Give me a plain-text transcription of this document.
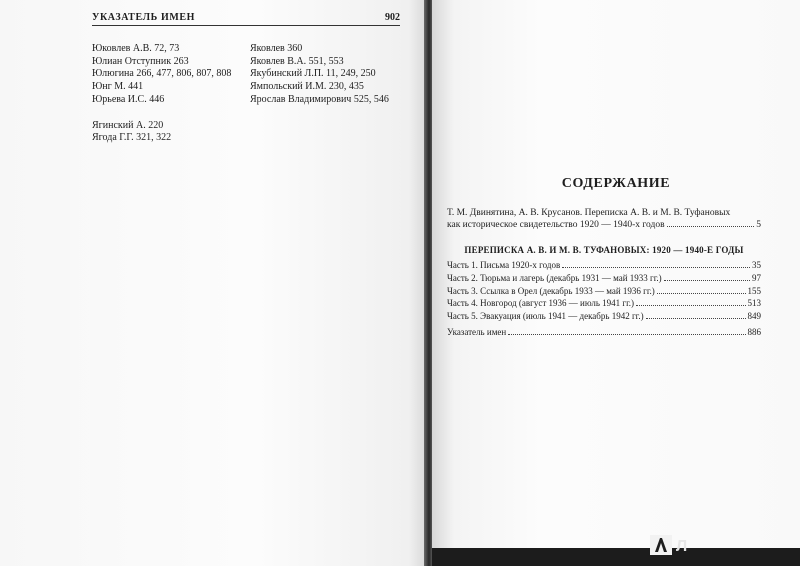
УКАЗАТЕЛЬ ИМЕН	902
Юковлев А.В. 72, 73
Юлиан Отступник 263
Юлюгина 266, 477, 806, 807, 808
Юнг М. 441
Юрьева И.С. 446
Ягинский А. 220
Ягода Г.Г. 321, 322
Яковлев 360
Яковлев В.А. 551, 553
Якубинский Л.П. 11, 249, 250
Ямпольский И.М. 230, 435
Ярослав Владимирович 525, 546
СОДЕРЖАНИЕ
Т. М. Двинятина, А. В. Крусанов. Переписка А. В. и М. В. Туфановых
как историческое свидетельство 1920 — 1940-х годов	5
ПЕРЕПИСКА А. В. И М. В. ТУФАНОВЫХ: 1920 — 1940-Е ГОДЫ
Часть 1. Письма 1920-х годов	35
Часть 2. Тюрьма и лагерь (декабрь 1931 — май 1933 гг.)	97
Часть 3. Ссылка в Орел (декабрь 1933 — май 1936 гг.)	155
Часть 4. Новгород (август 1936 — июль 1941 гг.)	513
Часть 5. Эвакуация (июль 1941 — декабрь 1942 гг.)	849
Указатель имен	886
Л
